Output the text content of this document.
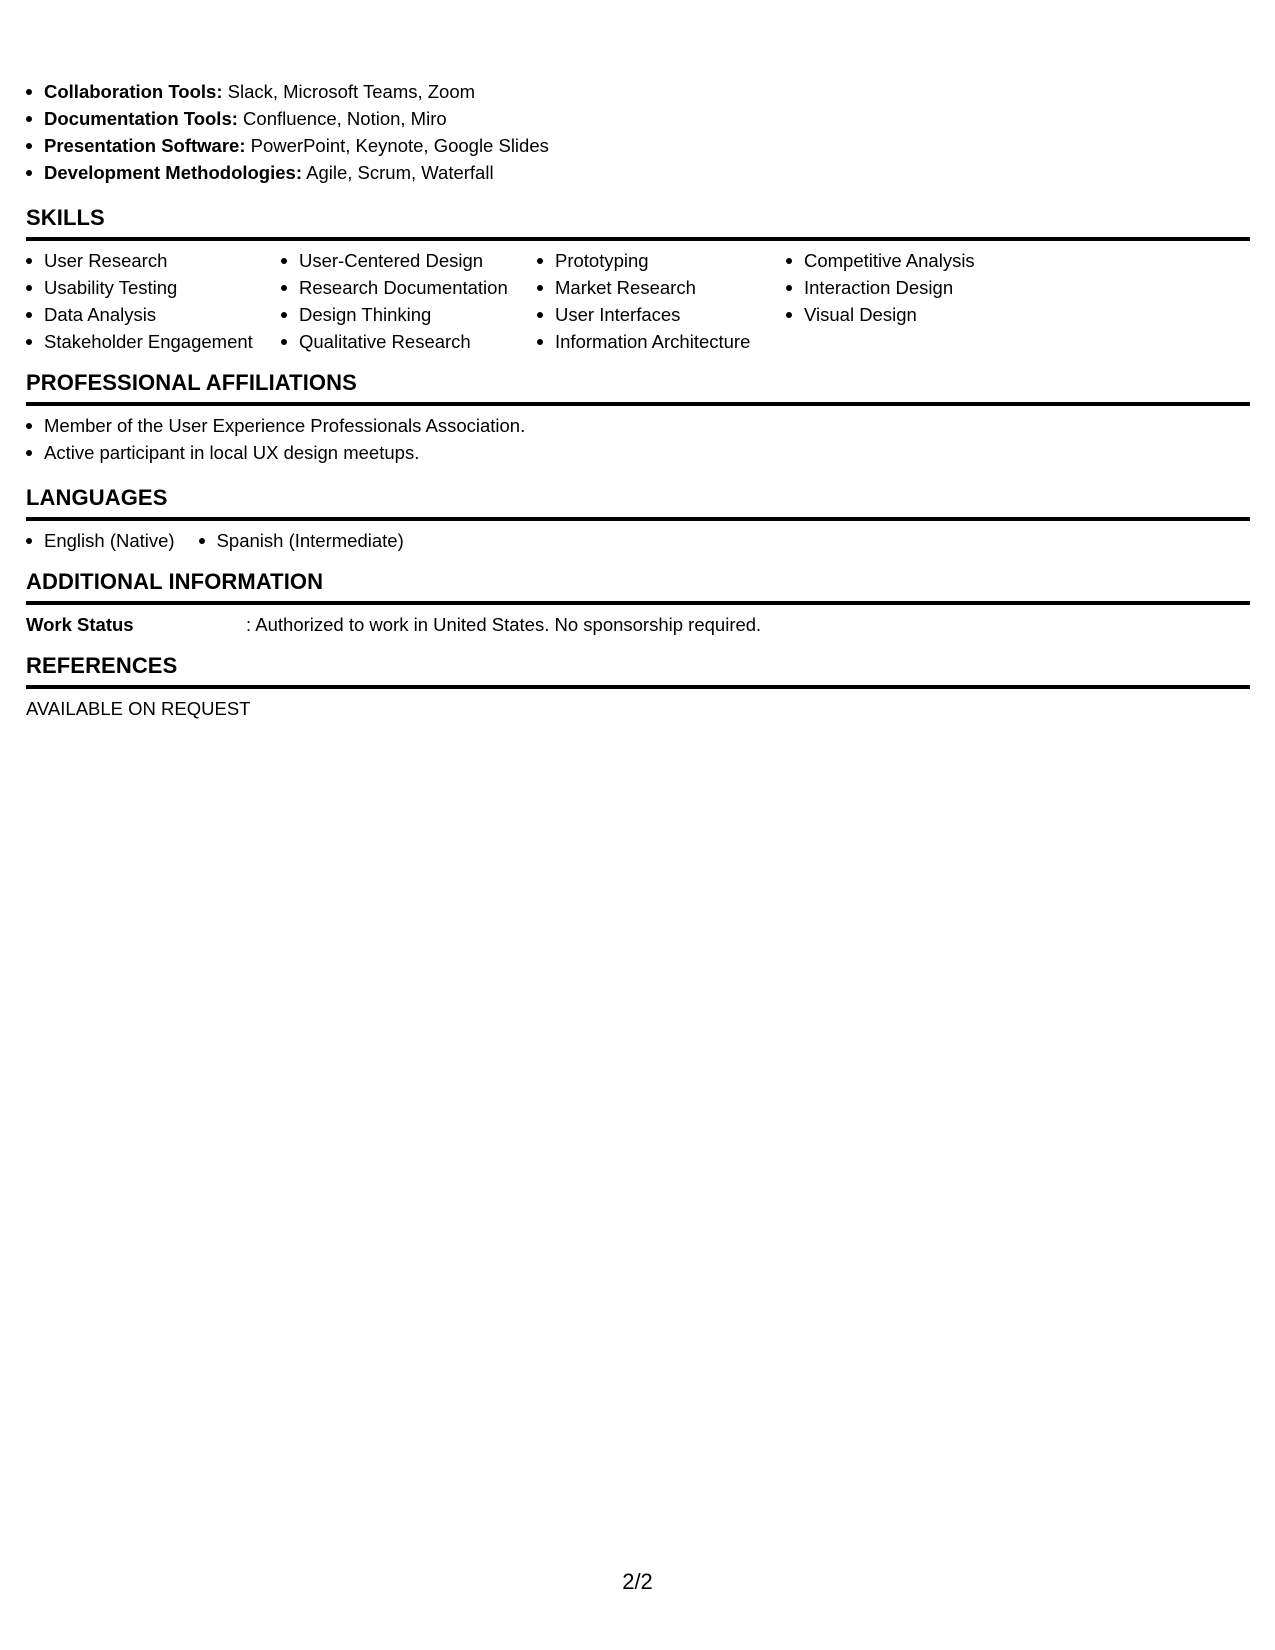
Collaboration Tools: Slack, Microsoft Teams, Zoom
Documentation Tools: Confluence, Notion, Miro
Presentation Software: PowerPoint, Keynote, Google Slides
Development Methodologies: Agile, Scrum, Waterfall
SKILLS
User Research
Usability Testing
Data Analysis
Stakeholder Engagement
User-Centered Design
Research Documentation
Design Thinking
Qualitative Research
Prototyping
Market Research
User Interfaces
Information Architecture
Competitive Analysis
Interaction Design
Visual Design
PROFESSIONAL AFFILIATIONS
Member of the User Experience Professionals Association.
Active participant in local UX design meetups.
LANGUAGES
English (Native)	Spanish (Intermediate)
ADDITIONAL INFORMATION
Work Status	: Authorized to work in United States. No sponsorship required.
REFERENCES
AVAILABLE ON REQUEST
2/2
